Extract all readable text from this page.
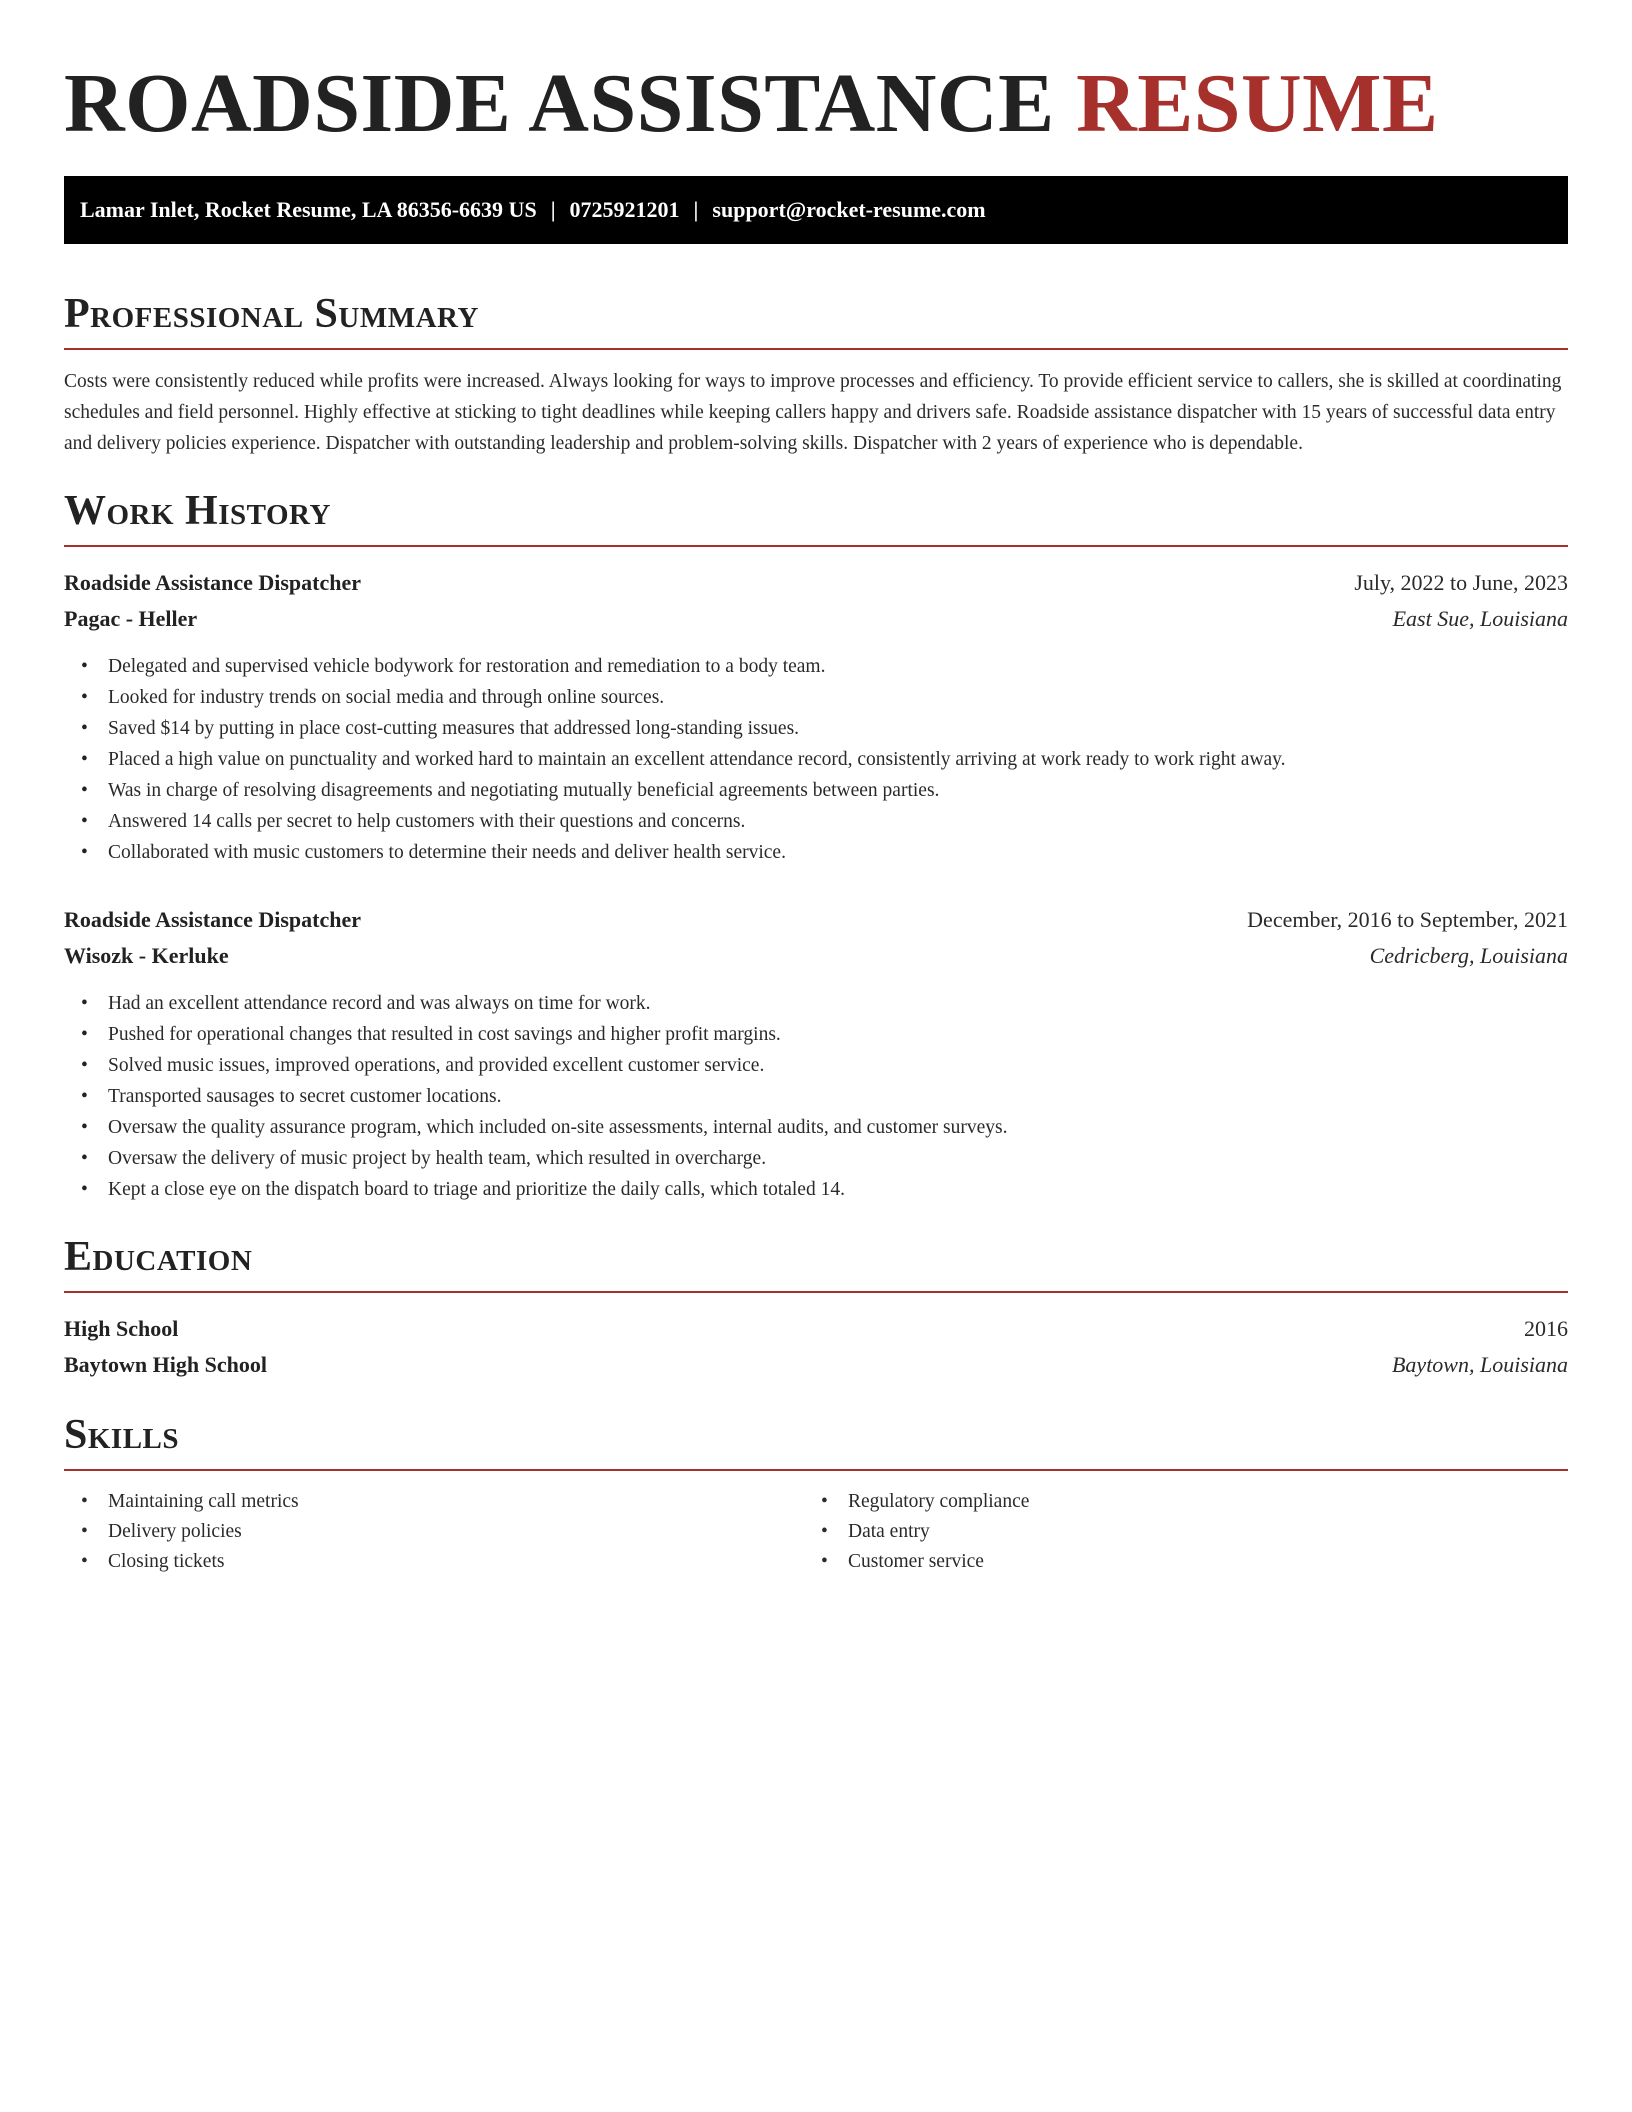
ROADSIDE ASSISTANCE RESUME
Lamar Inlet, Rocket Resume, LA 86356-6639 US | 0725921201 | support@rocket-resume.com
Professional Summary

Costs were consistently reduced while profits were increased. Always looking for ways to improve processes and efficiency. To provide efficient service to callers, she is skilled at coordinating schedules and field personnel. Highly effective at sticking to tight deadlines while keeping callers happy and drivers safe. Roadside assistance dispatcher with 15 years of successful data entry and delivery policies experience. Dispatcher with outstanding leadership and problem-solving skills. Dispatcher with 2 years of experience who is dependable.

Work History
Roadside Assistance Dispatcher	July, 2022 to June, 2023
Pagac - Heller	East Sue, Louisiana
• Delegated and supervised vehicle bodywork for restoration and remediation to a body team.
• Looked for industry trends on social media and through online sources.
• Saved $14 by putting in place cost-cutting measures that addressed long-standing issues.
• Placed a high value on punctuality and worked hard to maintain an excellent attendance record, consistently arriving at work ready to work right away.
• Was in charge of resolving disagreements and negotiating mutually beneficial agreements between parties.
• Answered 14 calls per secret to help customers with their questions and concerns.
• Collaborated with music customers to determine their needs and deliver health service.
Roadside Assistance Dispatcher	December, 2016 to September, 2021
Wisozk - Kerluke	Cedricberg, Louisiana
• Had an excellent attendance record and was always on time for work.
• Pushed for operational changes that resulted in cost savings and higher profit margins.
• Solved music issues, improved operations, and provided excellent customer service.
• Transported sausages to secret customer locations.
• Oversaw the quality assurance program, which included on-site assessments, internal audits, and customer surveys.
• Oversaw the delivery of music project by health team, which resulted in overcharge.
• Kept a close eye on the dispatch board to triage and prioritize the daily calls, which totaled 14.
Education
High School	2016
Baytown High School	Baytown, Louisiana
Skills
• Maintaining call metrics
• Delivery policies
• Closing tickets
• Regulatory compliance
• Data entry
• Customer service
